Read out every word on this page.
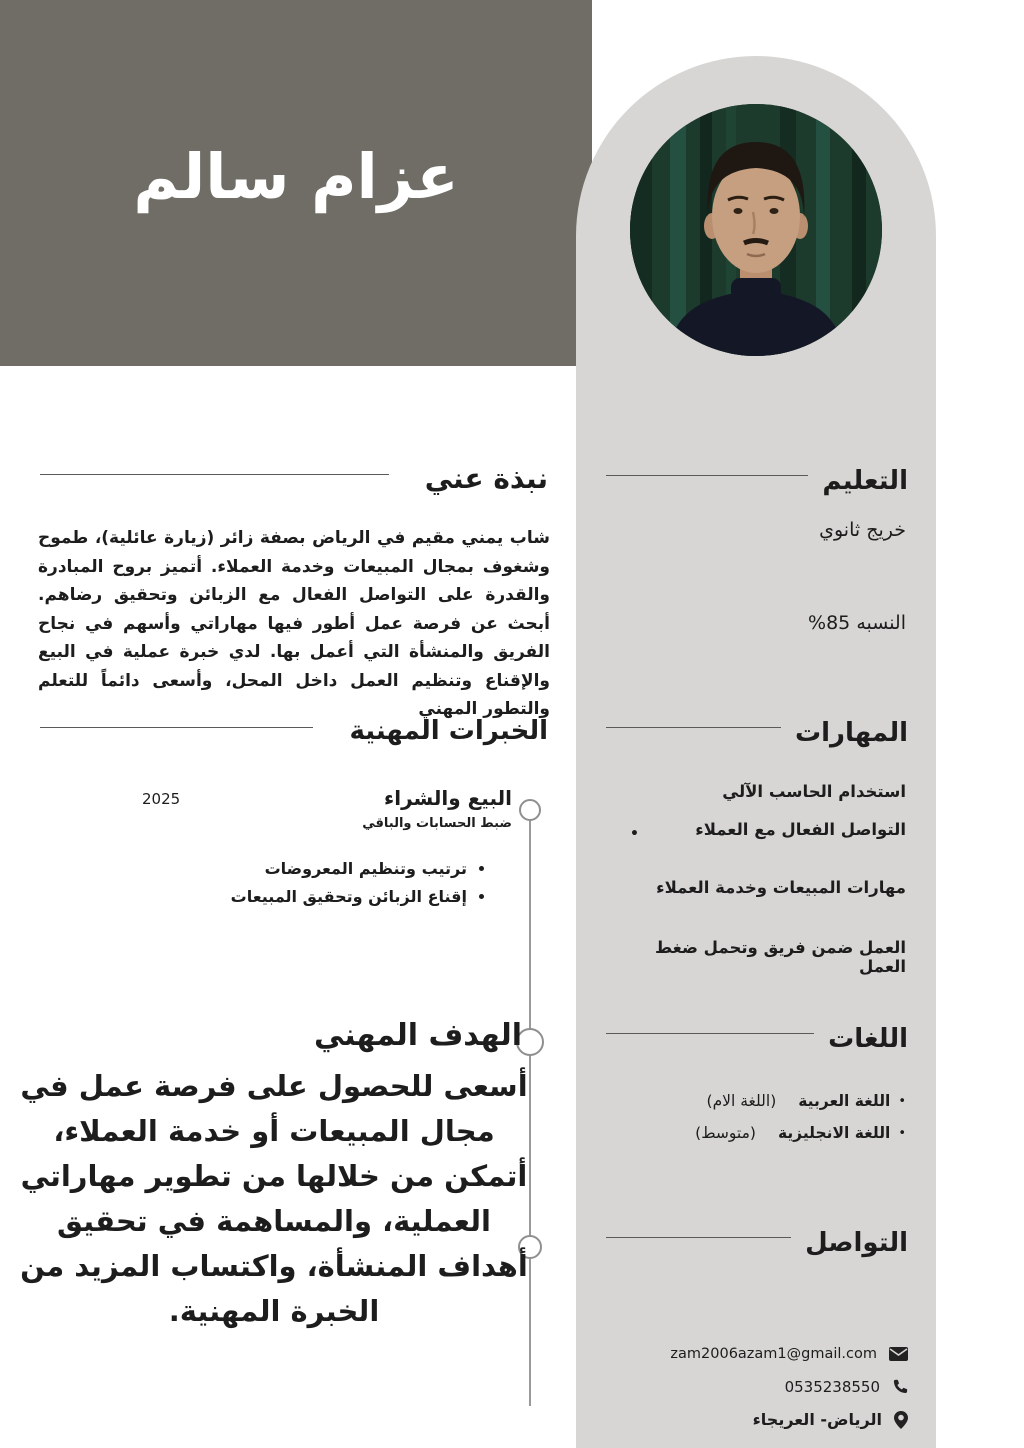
عزام سالم
نبذة عني
شاب يمني مقيم في الرياض بصفة زائر (زيارة عائلية)، طموح وشغوف بمجال المبيعات وخدمة العملاء. أتميز بروح المبادرة والقدرة على التواصل الفعال مع الزبائن وتحقيق رضاهم. أبحث عن فرصة عمل أطور فيها مهاراتي وأسهم في نجاح الفريق والمنشأة التي أعمل بها. لدي خبرة عملية في البيع والإقناع وتنظيم العمل داخل المحل، وأسعى دائماً للتعلم والتطور المهني
الخبرات المهنية
البيع والشراء
2025
ضبط الحسابات والباقي
• ترتيب وتنظيم المعروضات
• إقناع الزبائن وتحقيق المبيعات
الهدف المهني
أسعى للحصول على فرصة عمل في مجال المبيعات أو خدمة العملاء، أتمكن من خلالها من تطوير مهاراتي العملية، والمساهمة في تحقيق أهداف المنشأة، واكتساب المزيد من الخبرة المهنية.
التعليم
خريج ثانوي
النسبه 85%
المهارات
استخدام الحاسب الآلي
التواصل الفعال مع العملاء
•
مهارات المبيعات وخدمة العملاء
العمل ضمن فريق وتحمل ضغط العمل
اللغات
•
اللغة العربية
(اللغة الام)
•
اللغة الانجليزية
(متوسط)
التواصل
zam2006azam1@gmail.com
0535238550
الرياض- العريجاء
